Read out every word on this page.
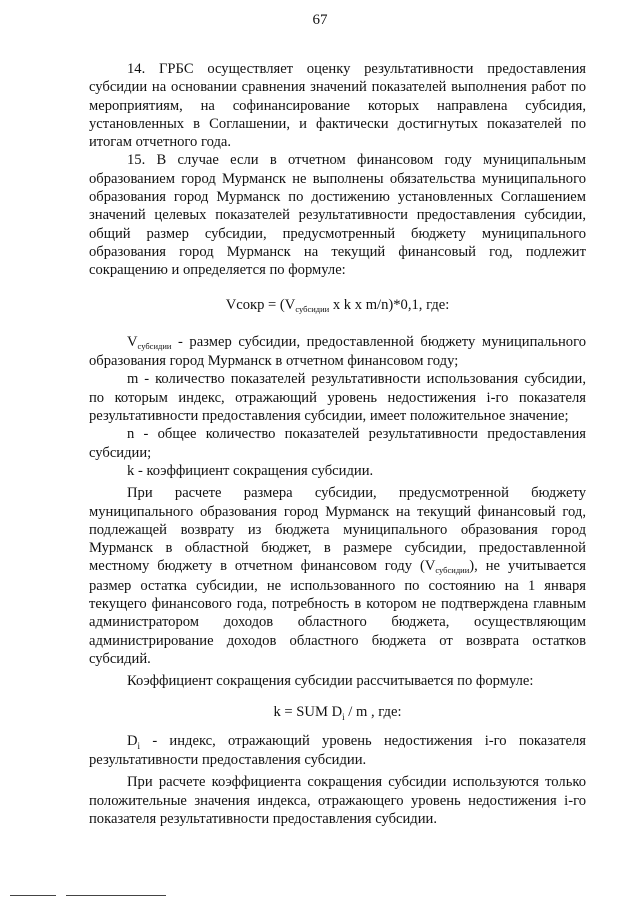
67

14. ГРБС осуществляет оценку результативности предоставления субсидии на основании сравнения значений показателей выполнения работ по мероприятиям, на софинансирование которых направлена субсидия, установленных в Соглашении, и фактически достигнутых показателей по итогам отчетного года.

15. В случае если в отчетном финансовом году муниципальным образованием город Мурманск не выполнены обязательства муниципального образования город Мурманск по достижению установленных Соглашением значений целевых показателей результативности предоставления субсидии, общий размер субсидии, предусмотренный бюджету муниципального образования город Мурманск на текущий финансовый год, подлежит сокращению и определяется по формуле:

Vсокр = ($V_{субсидии}$ x k x m/n)*0,1, где:

$V_{субсидии}$ - размер субсидии, предоставленной бюджету муниципального образования город Мурманск в отчетном финансовом году;

m - количество показателей результативности использования субсидии, по которым индекс, отражающий уровень недостижения i-го показателя результативности предоставления субсидии, имеет положительное значение;

n - общее количество показателей результативности предоставления субсидии;

k - коэффициент сокращения субсидии.

При расчете размера субсидии, предусмотренной бюджету муниципального образования город Мурманск на текущий финансовый год, подлежащей возврату из бюджета муниципального образования город Мурманск в областной бюджет, в размере субсидии, предоставленной местному бюджету в отчетном финансовом году $(V_{субсидии})$, не учитывается размер остатка субсидии, не использованного по состоянию на 1 января текущего финансового года, потребность в котором не подтверждена главным администратором доходов областного бюджета, осуществляющим администрирование доходов областного бюджета от возврата остатков субсидий.

Коэффициент сокращения субсидии рассчитывается по формуле:

k = SUM $D_i$ / m , где:

$D_i$ - индекс, отражающий уровень недостижения i-го показателя результативности предоставления субсидии.

При расчете коэффициента сокращения субсидии используются только положительные значения индекса, отражающего уровень недостижения i-го показателя результативности предоставления субсидии.
